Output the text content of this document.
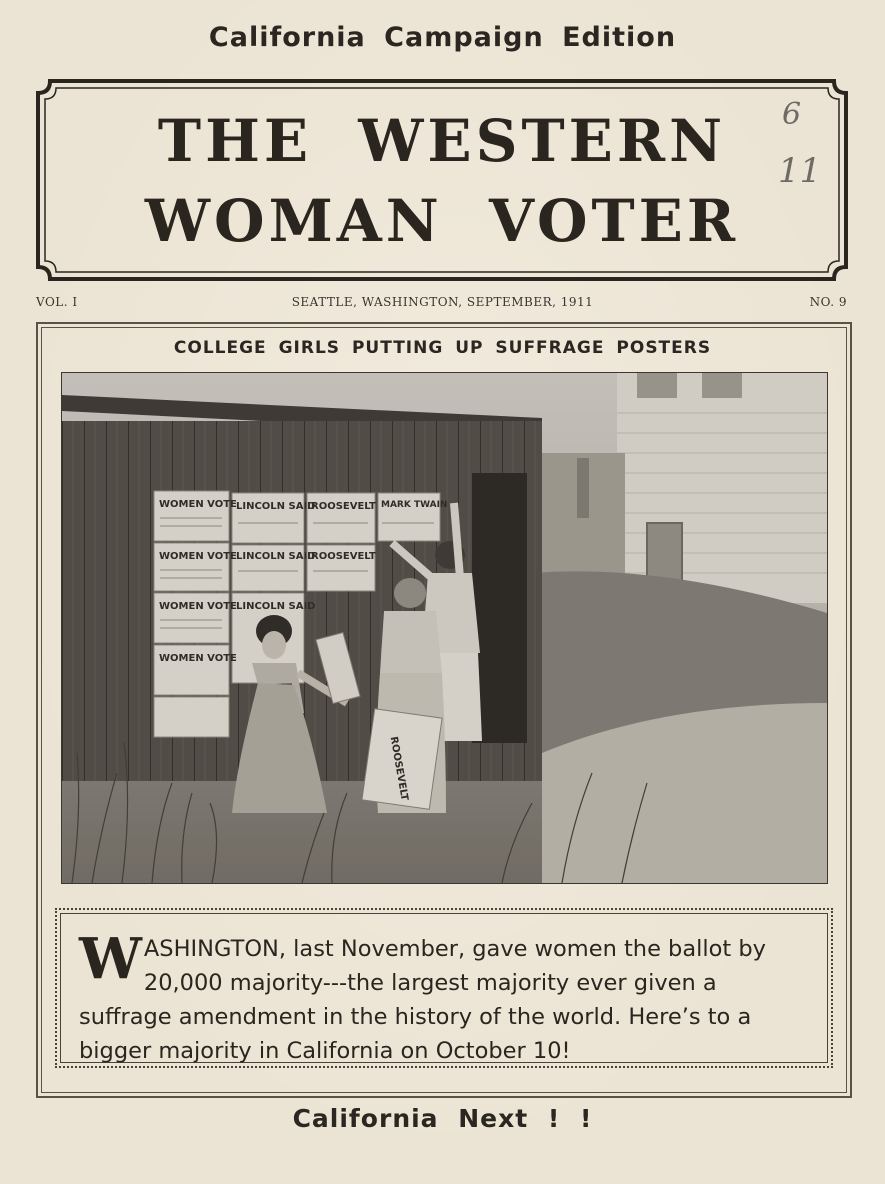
California Campaign Edition
THE WESTERN
WOMAN VOTER
6
11
SEATTLE, WASHINGTON, SEPTEMBER, 1911
VOL. I	NO. 9
COLLEGE GIRLS PUTTING UP SUFFRAGE POSTERS
WOMEN VOTE
WOMEN VOTE
WOMEN VOTE
WOMEN VOTE
LINCOLN SAID
LINCOLN SAID
LINCOLN SAID
ROOSEVELT
ROOSEVELT
MARK TWAIN
ROOSEVELT
WASHINGTON, last November, gave women the ballot by 20,000 majority---the largest majority ever given a suffrage amendment in the history of the world. Here’s to a bigger majority in California on October 10!
California Next ! !
